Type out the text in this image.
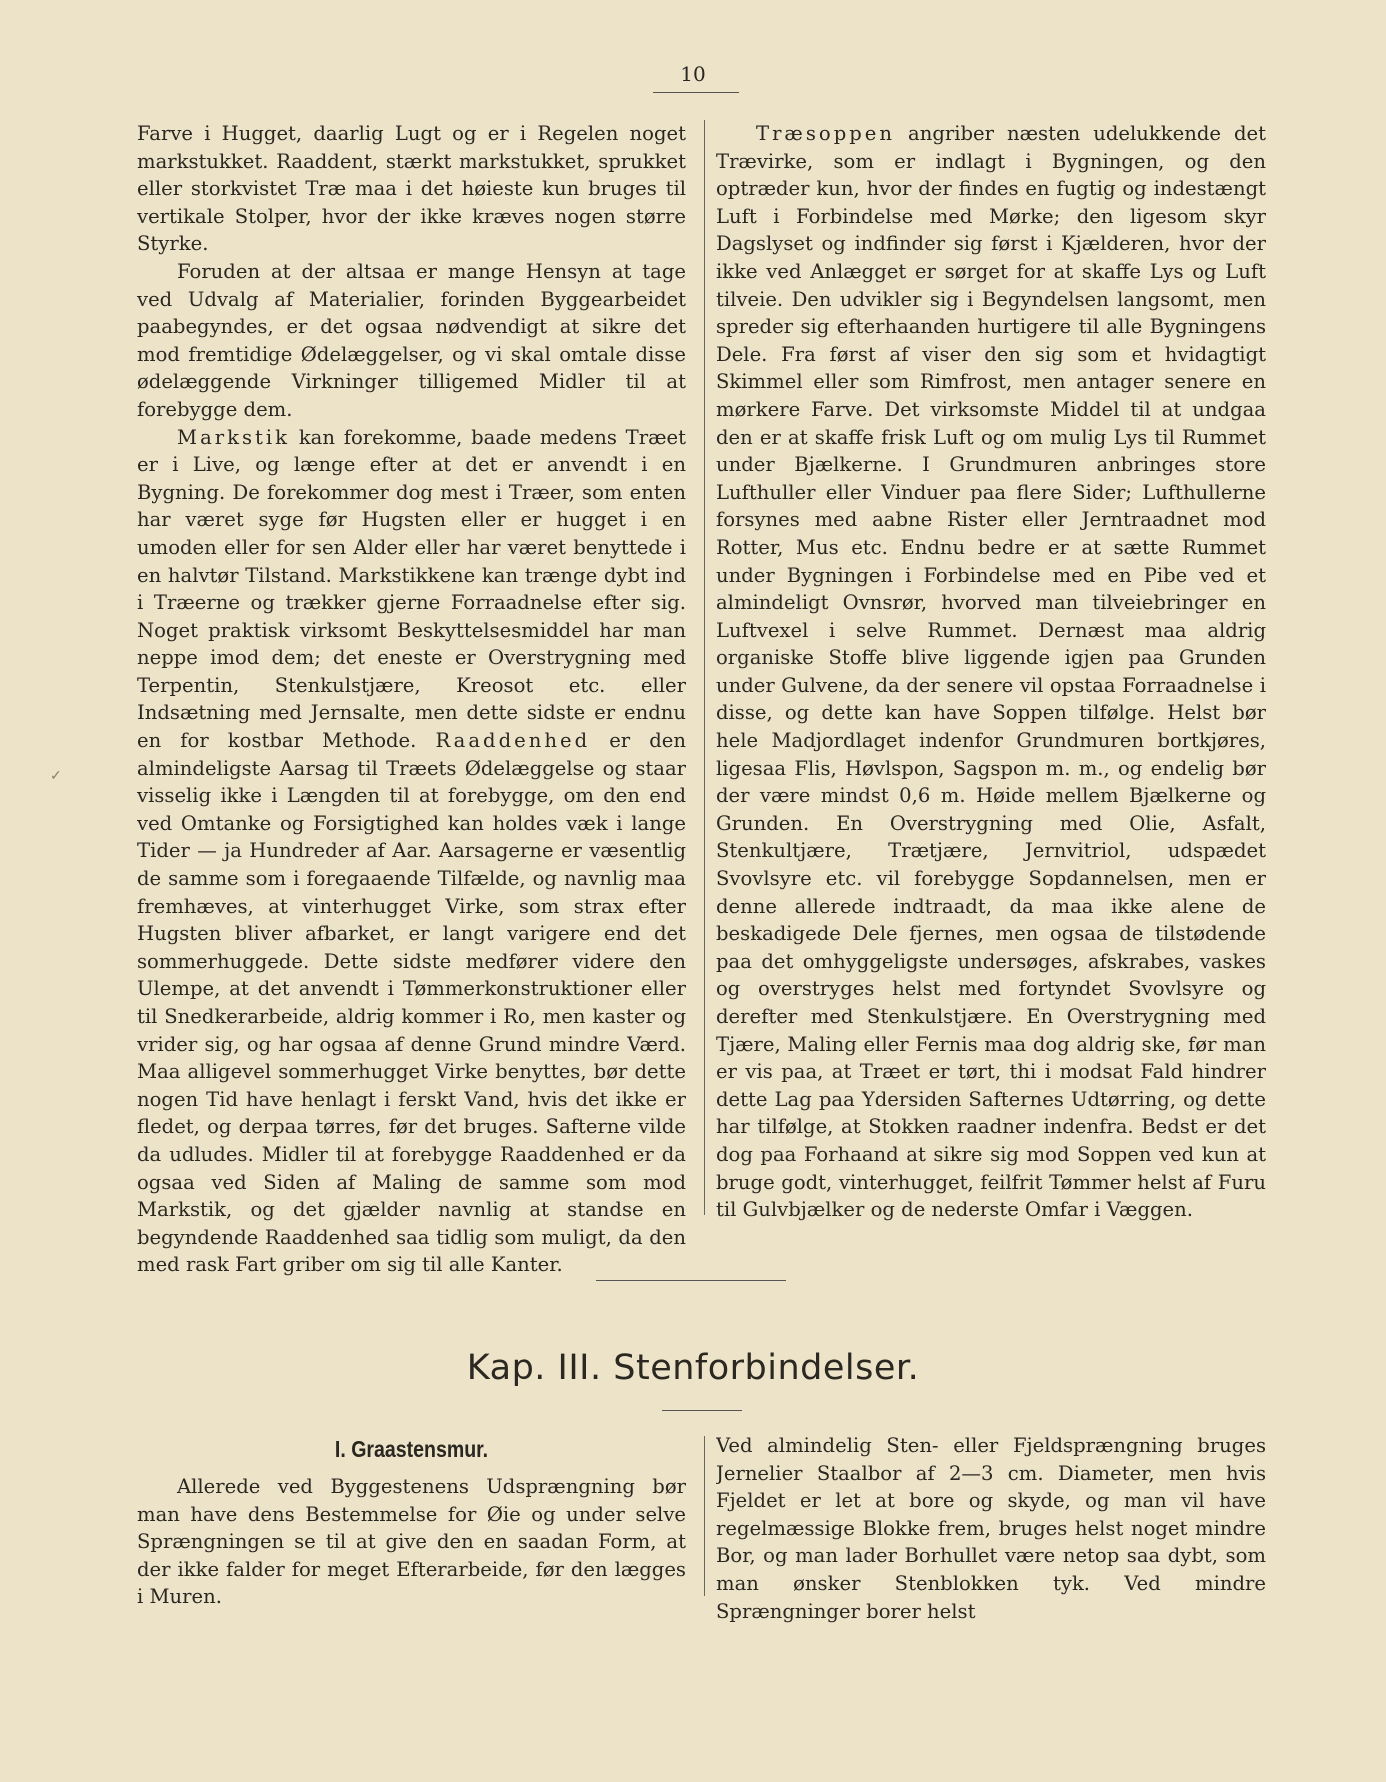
10

Farve i Hugget, daarlig Lugt og er i Regelen noget markstukket. Raaddent, stærkt markstukket, sprukket eller storkvistet Træ maa i det høieste kun bruges til vertikale Stolper, hvor der ikke kræves nogen større Styrke.

Foruden at der altsaa er mange Hensyn at tage ved Udvalg af Materialier, forinden Byggearbeidet paabegyndes, er det ogsaa nødvendigt at sikre det mod fremtidige Ødelæggelser, og vi skal omtale disse ødelæggende Virkninger tilligemed Midler til at forebygge dem.

Markstik kan forekomme, baade medens Træet er i Live, og længe efter at det er anvendt i en Bygning. De forekommer dog mest i Træer, som enten har været syge før Hugsten eller er hugget i en umoden eller for sen Alder eller har været benyttede i en halvtør Tilstand. Markstikkene kan trænge dybt ind i Træerne og trækker gjerne Forraadnelse efter sig. Noget praktisk virksomt Beskyttelsesmiddel har man neppe imod dem; det eneste er Overstrygning med Terpentin, Stenkulstjære, Kreosot etc. eller Indsætning med Jernsalte, men dette sidste er endnu en for kostbar Methode. Raaddenhed er den almindeligste Aarsag til Træets Ødelæggelse og staar visselig ikke i Længden til at forebygge, om den end ved Omtanke og Forsigtighed kan holdes væk i lange Tider — ja Hundreder af Aar. Aarsagerne er væsentlig de samme som i foregaaende Tilfælde, og navnlig maa fremhæves, at vinterhugget Virke, som strax efter Hugsten bliver afbarket, er langt varigere end det sommerhuggede. Dette sidste medfører videre den Ulempe, at det anvendt i Tømmerkonstruktioner eller til Snedkerarbeide, aldrig kommer i Ro, men kaster og vrider sig, og har ogsaa af denne Grund mindre Værd. Maa alligevel sommerhugget Virke benyttes, bør dette nogen Tid have henlagt i ferskt Vand, hvis det ikke er fledet, og derpaa tørres, før det bruges. Safterne vilde da udludes. Midler til at forebygge Raaddenhed er da ogsaa ved Siden af Maling de samme som mod Markstik, og det gjælder navnlig at standse en begyndende Raaddenhed saa tidlig som muligt, da den med rask Fart griber om sig til alle Kanter.

Træsoppen angriber næsten udelukkende det Trævirke, som er indlagt i Bygningen, og den optræder kun, hvor der findes en fugtig og indestængt Luft i Forbindelse med Mørke; den ligesom skyr Dagslyset og indfinder sig først i Kjælderen, hvor der ikke ved Anlægget er sørget for at skaffe Lys og Luft tilveie. Den udvikler sig i Begyndelsen langsomt, men spreder sig efterhaanden hurtigere til alle Bygningens Dele. Fra først af viser den sig som et hvidagtigt Skimmel eller som Rimfrost, men antager senere en mørkere Farve. Det virksomste Middel til at undgaa den er at skaffe frisk Luft og om mulig Lys til Rummet under Bjælkerne. I Grundmuren anbringes store Lufthuller eller Vinduer paa flere Sider; Lufthullerne forsynes med aabne Rister eller Jerntraadnet mod Rotter, Mus etc. Endnu bedre er at sætte Rummet under Bygningen i Forbindelse med en Pibe ved et almindeligt Ovnsrør, hvorved man tilveiebringer en Luftvexel i selve Rummet. Dernæst maa aldrig organiske Stoffe blive liggende igjen paa Grunden under Gulvene, da der senere vil opstaa Forraadnelse i disse, og dette kan have Soppen tilfølge. Helst bør hele Madjordlaget indenfor Grundmuren bortkjøres, ligesaa Flis, Høvlspon, Sagspon m. m., og endelig bør der være mindst 0,6 m. Høide mellem Bjælkerne og Grunden. En Overstrygning med Olie, Asfalt, Stenkultjære, Trætjære, Jernvitriol, udspædet Svovlsyre etc. vil forebygge Sopdannelsen, men er denne allerede indtraadt, da maa ikke alene de beskadigede Dele fjernes, men ogsaa de tilstødende paa det omhyggeligste undersøges, afskrabes, vaskes og overstryges helst med fortyndet Svovlsyre og derefter med Stenkulstjære. En Overstrygning med Tjære, Maling eller Fernis maa dog aldrig ske, før man er vis paa, at Træet er tørt, thi i modsat Fald hindrer dette Lag paa Ydersiden Safternes Udtørring, og dette har tilfølge, at Stokken raadner indenfra. Bedst er det dog paa Forhaand at sikre sig mod Soppen ved kun at bruge godt, vinterhugget, feilfrit Tømmer helst af Furu til Gulvbjælker og de nederste Omfar i Væggen.

✓
Kap. III. Stenforbindelser.
I. Graastensmur.

Allerede ved Byggestenens Udsprængning bør man have dens Bestemmelse for Øie og under selve Sprængningen se til at give den en saadan Form, at der ikke falder for meget Efterarbeide, før den lægges i Muren.

Ved almindelig Sten- eller Fjeldsprængning bruges Jernelier Staalbor af 2—3 cm. Diameter, men hvis Fjeldet er let at bore og skyde, og man vil have regelmæssige Blokke frem, bruges helst noget mindre Bor, og man lader Borhullet være netop saa dybt, som man ønsker Stenblokken tyk. Ved mindre Sprængninger borer helst
